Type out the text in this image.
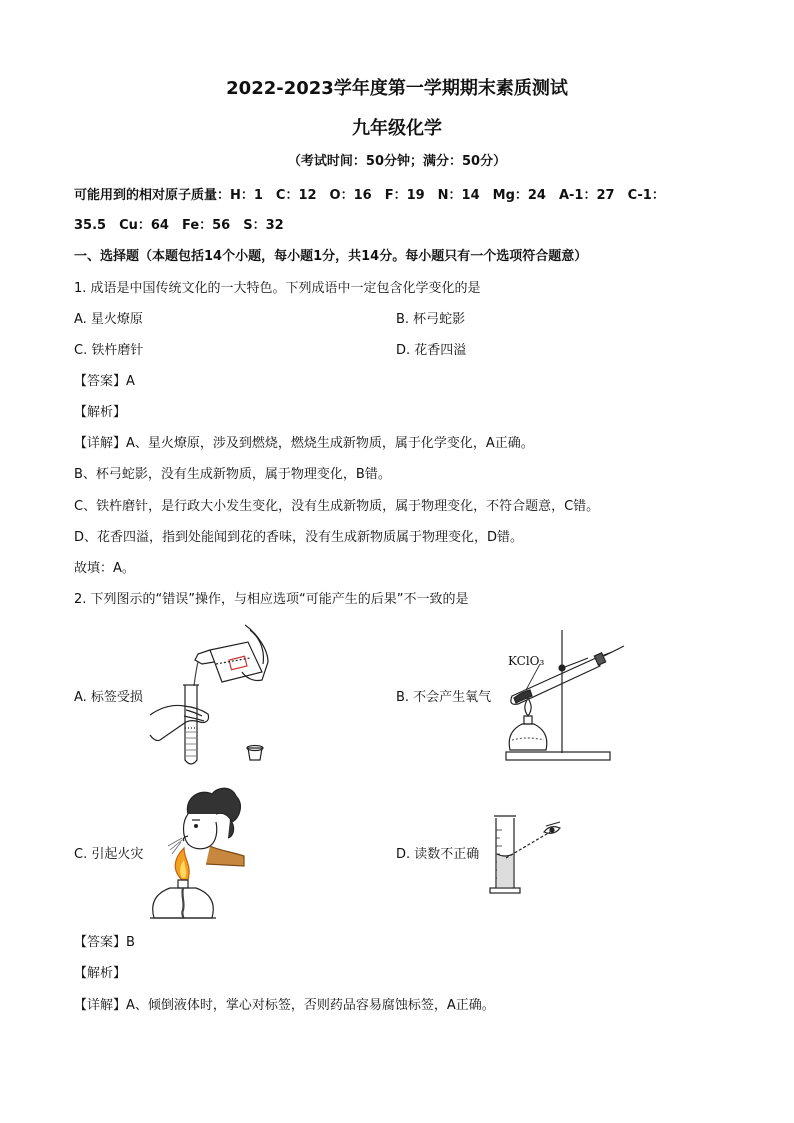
2022-2023学年度第一学期期末素质测试
九年级化学
（考试时间：50分钟；满分：50分）
可能用到的相对原子质量：H：1　C：12　O：16　F：19　N：14　Mg：24　A-1：27　C-1：
35.5　Cu：64　Fe：56　S：32
一、选择题（本题包括14个小题，每小题1分，共14分。每小题只有一个选项符合题意）
1. 成语是中国传统文化的一大特色。下列成语中一定包含化学变化的是
A. 星火燎原	B. 杯弓蛇影
C. 铁杵磨针	D. 花香四溢
【答案】A
【解析】
【详解】A、星火燎原，涉及到燃烧，燃烧生成新物质，属于化学变化，A正确。
B、杯弓蛇影，没有生成新物质，属于物理变化，B错。
C、铁杵磨针，是行政大小发生变化，没有生成新物质，属于物理变化，不符合题意，C错。
D、花香四溢，指到处能闻到花的香味，没有生成新物质属于物理变化，D错。
故填：A。
2. 下列图示的“错误”操作，与相应选项“可能产生的后果”不一致的是
A. 标签受损	B. 不会产生氧气
C. 引起火灾	D. 读数不正确
KClO₃
【答案】B
【解析】
【详解】A、倾倒液体时，掌心对标签，否则药品容易腐蚀标签，A正确。
